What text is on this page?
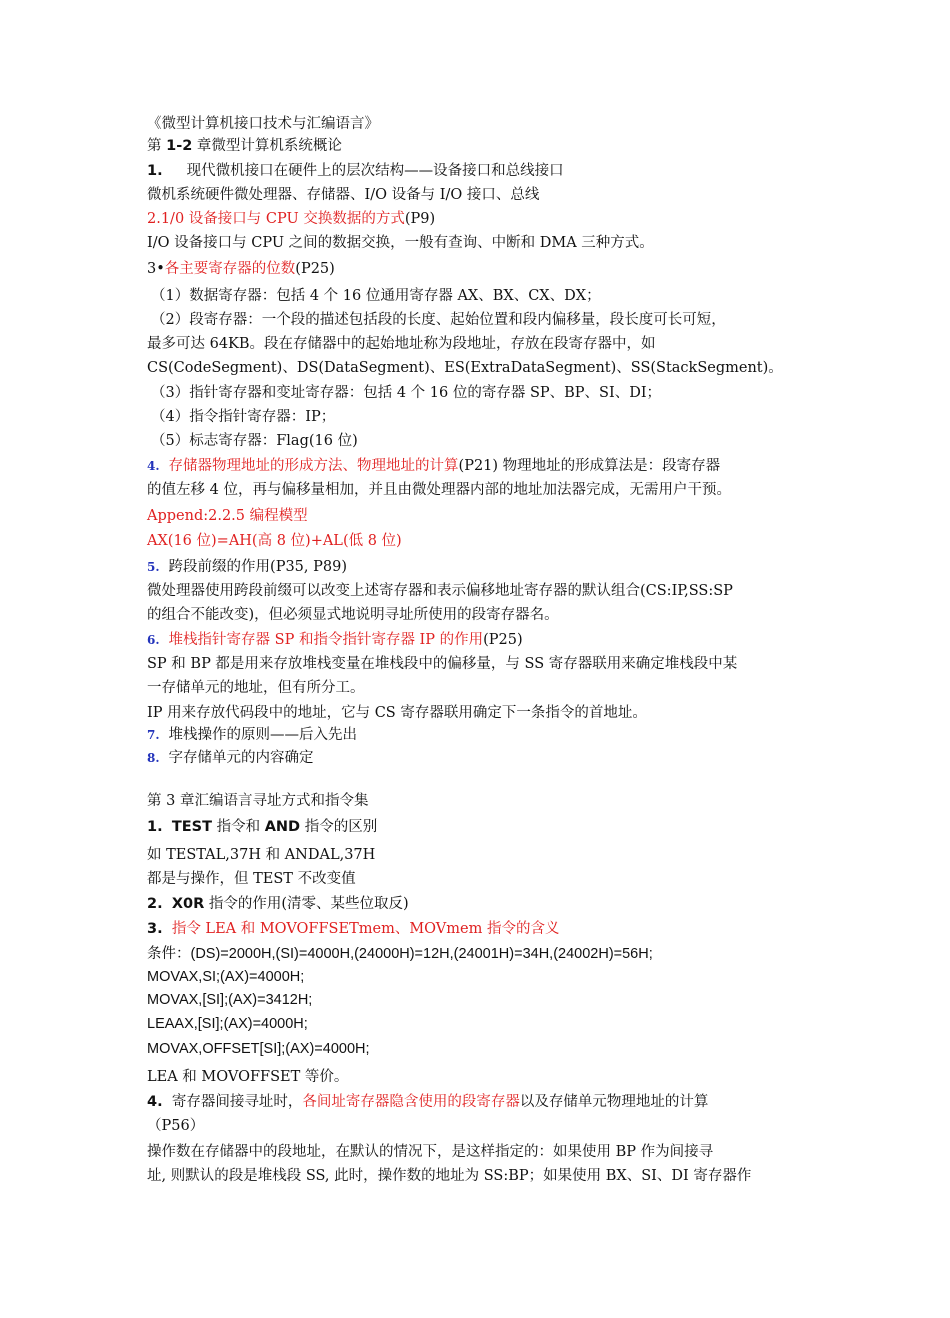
《微型计算机接口技术与汇编语言》
第 1-2 章微型计算机系统概论
1. 现代微机接口在硬件上的层次结构——设备接口和总线接口
微机系统硬件微处理器、存储器、I/O 设备与 I/O 接口、总线
2.1/0 设备接口与 CPU 交换数据的方式(P9)
I/O 设备接口与 CPU 之间的数据交换，一般有查询、中断和 DMA 三种方式。
3•各主要寄存器的位数(P25)
（1）数据寄存器：包括 4 个 16 位通用寄存器 AX、BX、CX、DX；
（2）段寄存器：一个段的描述包括段的长度、起始位置和段内偏移量，段长度可长可短，
最多可达 64KB。段在存储器中的起始地址称为段地址，存放在段寄存器中，如
CS(CodeSegment)、DS(DataSegment)、ES(ExtraDataSegment)、SS(StackSegment)。
（3）指针寄存器和变址寄存器：包括 4 个 16 位的寄存器 SP、BP、SI、DI；
（4）指令指针寄存器：IP；
（5）标志寄存器：Flag(16 位)
4. 存储器物理地址的形成方法、物理地址的计算(P21) 物理地址的形成算法是：段寄存器
的值左移 4 位，再与偏移量相加，并且由微处理器内部的地址加法器完成，无需用户干预。
Append:2.2.5 编程模型
AX(16 位)=AH(高 8 位)+AL(低 8 位)
5. 跨段前缀的作用(P35, P89)
微处理器使用跨段前缀可以改变上述寄存器和表示偏移地址寄存器的默认组合(CS:IP,SS:SP
的组合不能改变)，但必须显式地说明寻址所使用的段寄存器名。
6. 堆栈指针寄存器 SP 和指令指针寄存器 IP 的作用(P25)
SP 和 BP 都是用来存放堆栈变量在堆栈段中的偏移量，与 SS 寄存器联用来确定堆栈段中某
一存储单元的地址，但有所分工。
IP 用来存放代码段中的地址，它与 CS 寄存器联用确定下一条指令的首地址。
7. 堆栈操作的原则——后入先出
8. 字存储单元的内容确定
第 3 章汇编语言寻址方式和指令集
1. TEST 指令和 AND 指令的区别
如 TESTAL,37H 和 ANDAL,37H
都是与操作，但 TEST 不改变值
2. X0R 指令的作用(清零、某些位取反)
3. 指令 LEA 和 MOVOFFSETmem、MOVmem 指令的含义
条件：(DS)=2000H,(SI)=4000H,(24000H)=12H,(24001H)=34H,(24002H)=56H;
MOVAX,SI;(AX)=4000H;
MOVAX,[SI];(AX)=3412H;
LEAAX,[SI];(AX)=4000H;
MOVAX,OFFSET[SI];(AX)=4000H;
LEA 和 MOVOFFSET 等价。
4. 寄存器间接寻址时，各间址寄存器隐含使用的段寄存器以及存储单元物理地址的计算
（P56）
操作数在存储器中的段地址，在默认的情况下，是这样指定的：如果使用 BP 作为间接寻
址, 则默认的段是堆栈段 SS, 此时，操作数的地址为 SS:BP；如果使用 BX、SI、DI 寄存器作
